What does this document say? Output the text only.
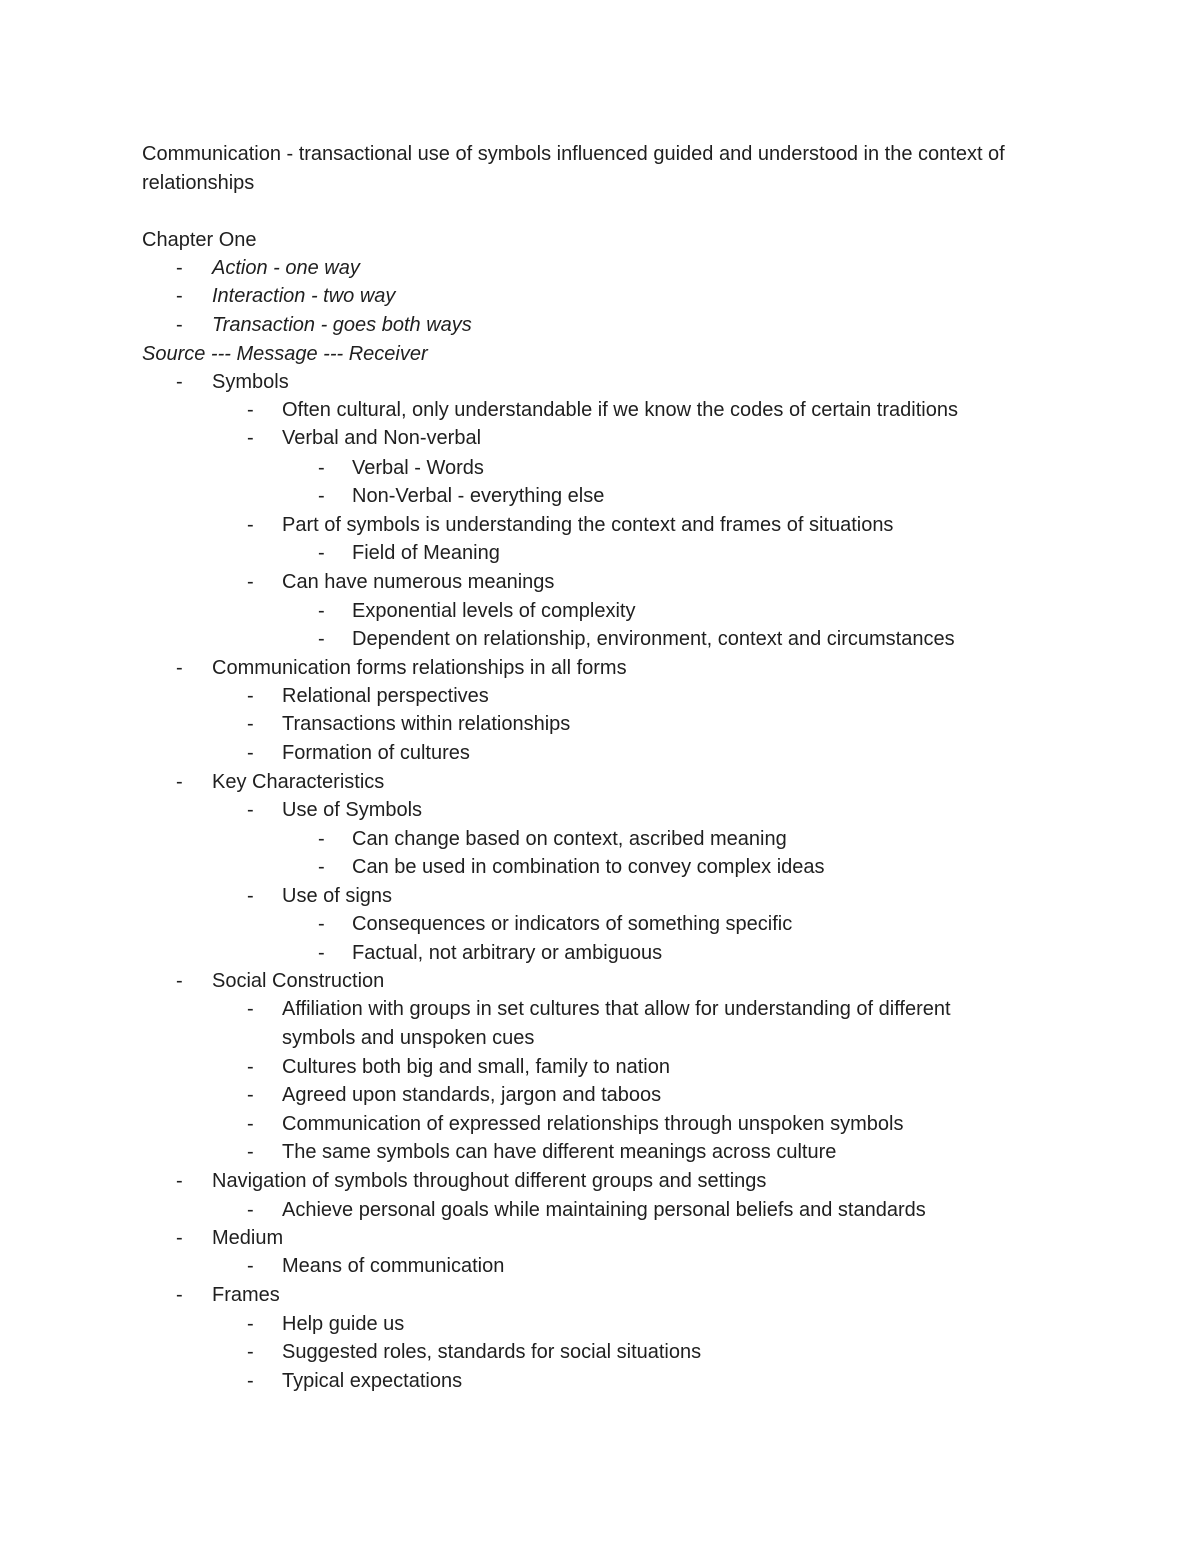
Communication - transactional use of symbols influenced guided and understood in the context of relationships

Chapter One
- Action - one way
- Interaction - two way
- Transaction - goes both ways
Source --- Message --- Receiver
- Symbols
- Often cultural, only understandable if we know the codes of certain traditions
- Verbal and Non-verbal
- Verbal - Words
- Non-Verbal - everything else
- Part of symbols is understanding the context and frames of situations
- Field of Meaning
- Can have numerous meanings
- Exponential levels of complexity
- Dependent on relationship, environment, context and circumstances
- Communication forms relationships in all forms
- Relational perspectives
- Transactions within relationships
- Formation of cultures
- Key Characteristics
- Use of Symbols
- Can change based on context, ascribed meaning
- Can be used in combination to convey complex ideas
- Use of signs
- Consequences or indicators of something specific
- Factual, not arbitrary or ambiguous
- Social Construction
- Affiliation with groups in set cultures that allow for understanding of different symbols and unspoken cues
- Cultures both big and small, family to nation
- Agreed upon standards, jargon and taboos
- Communication of expressed relationships through unspoken symbols
- The same symbols can have different meanings across culture
- Navigation of symbols throughout different groups and settings
- Achieve personal goals while maintaining personal beliefs and standards
- Medium
- Means of communication
- Frames
- Help guide us
- Suggested roles, standards for social situations
- Typical expectations
